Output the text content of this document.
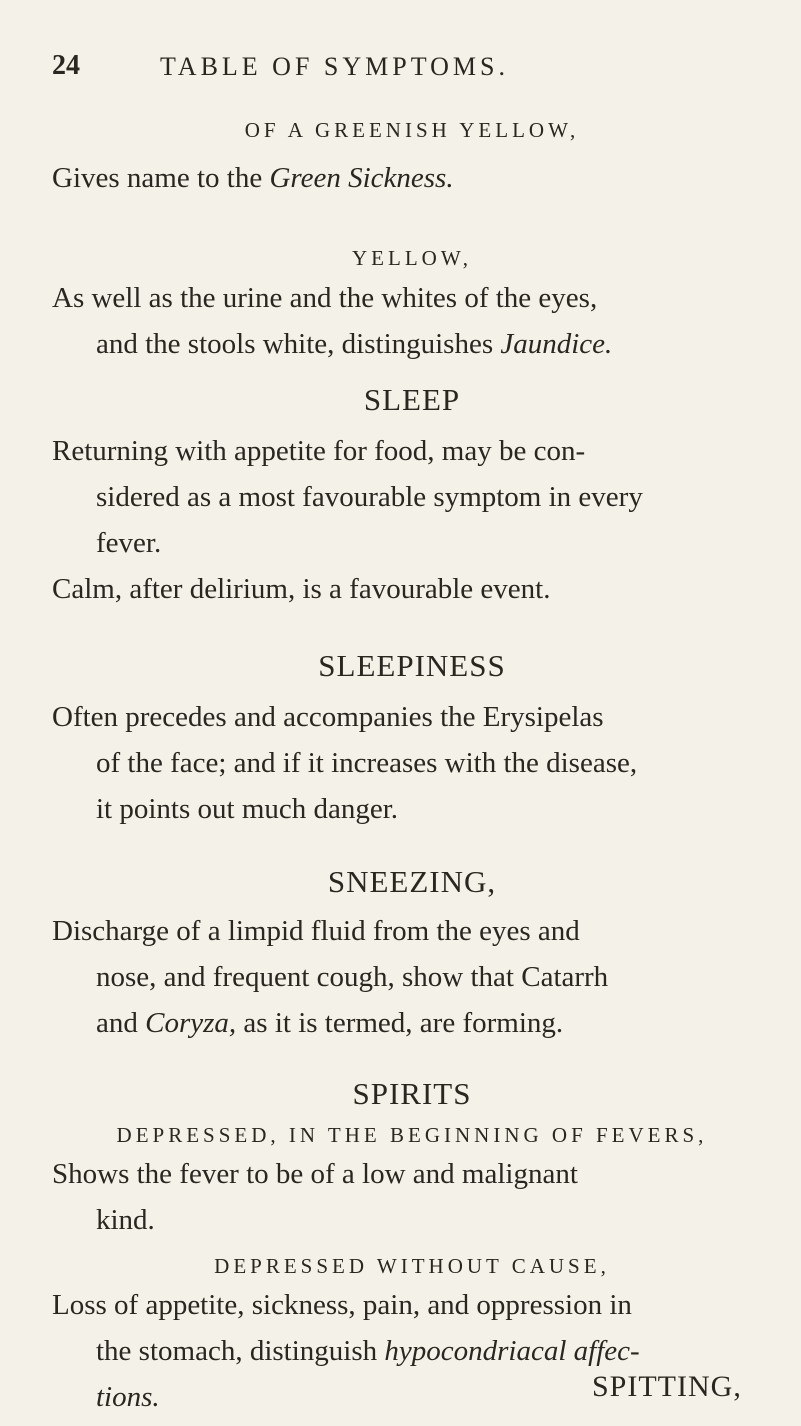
24	TABLE OF SYMPTOMS.
OF A GREENISH YELLOW,

Gives name to the Green Sickness.

YELLOW,

As well as the urine and the whites of the eyes,
and the stools white, distinguishes Jaundice.

SLEEP

Returning with appetite for food, may be con-
sidered as a most favourable symptom in every
fever.
Calm, after delirium, is a favourable event.

SLEEPINESS

Often precedes and accompanies the Erysipelas
of the face; and if it increases with the disease,
it points out much danger.

SNEEZING,

Discharge of a limpid fluid from the eyes and
nose, and frequent cough, show that Catarrh
and Coryza, as it is termed, are forming.

SPIRITS
DEPRESSED, IN THE BEGINNING OF FEVERS,

Shows the fever to be of a low and malignant
kind.

DEPRESSED WITHOUT CAUSE,

Loss of appetite, sickness, pain, and oppression in
the stomach, distinguish hypocondriacal affec-
tions.	SPITTING,
